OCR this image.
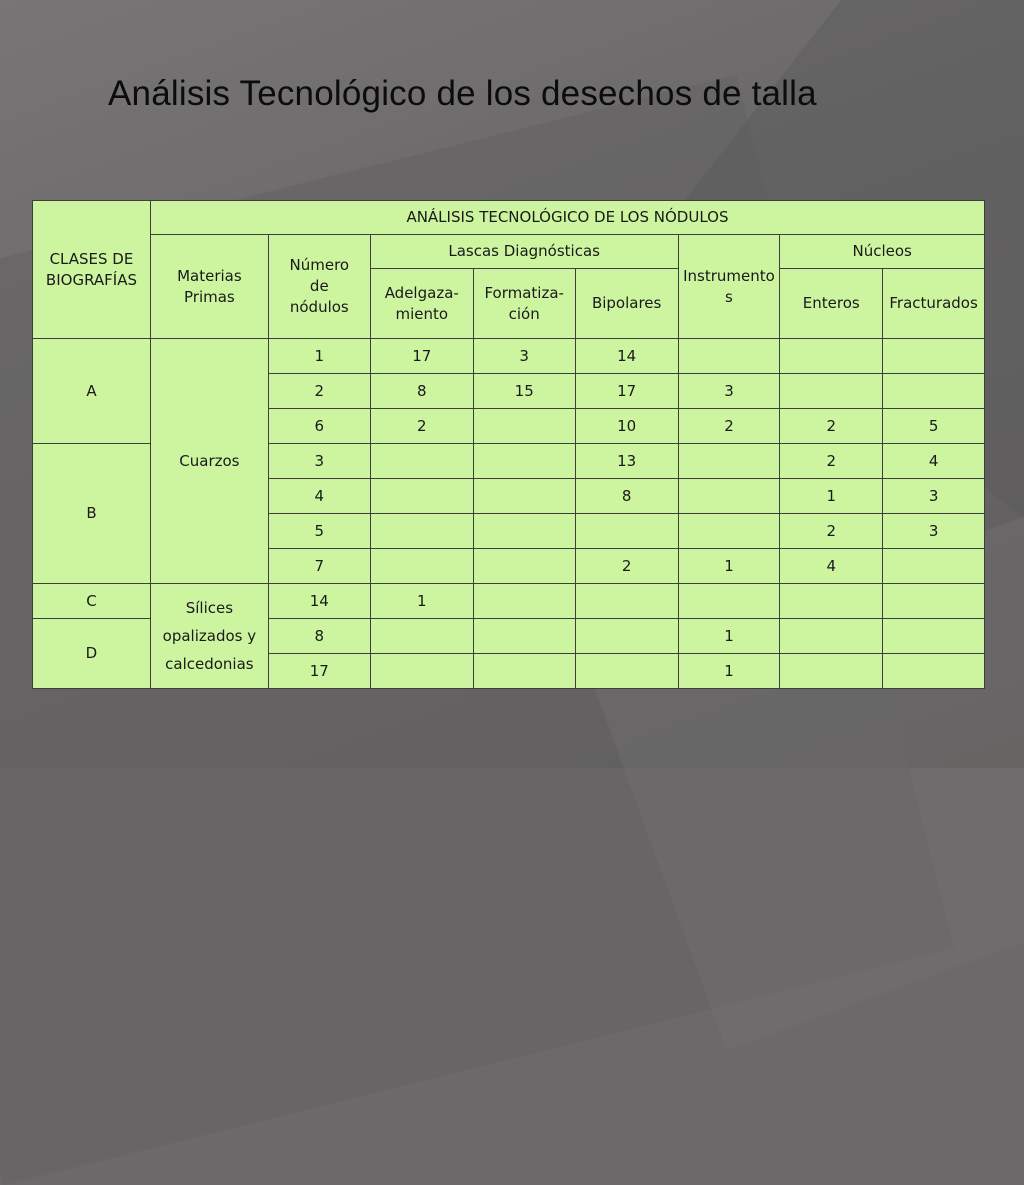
Análisis Tecnológico de los desechos de talla
CLASES DE BIOGRAFÍAS	ANÁLISIS TECNOLÓGICO DE LOS NÓDULOS							
	Materias Primas	Número de nódulos	Lascas Diagnósticas			Instrumentos	Núcleos	
			Adelgaza-miento	Formatiza-ción	Bipolares		Enteros	Fracturados
A	Cuarzos	1	17	3	14			
		2	8	15	17	3		
		6	2		10	2	2	5
B		3			13		2	4
		4			8		1	3
		5					2	3
		7			2	1	4	
C	Sílices opalizados y calcedonias	14	1					
D		8				1		
		17				1		
